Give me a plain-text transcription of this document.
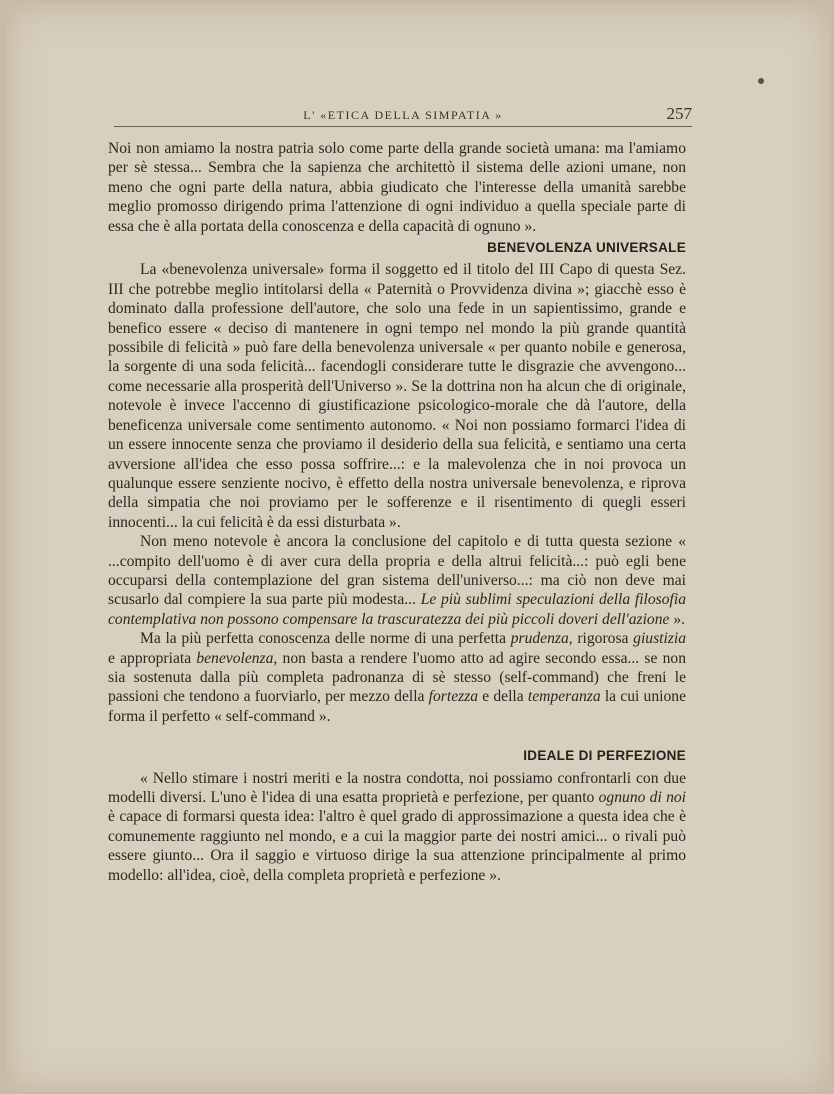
L' «ETICA DELLA SIMPATIA »	257

Noi non amiamo la nostra patria solo come parte della grande società umana: ma l'amiamo per sè stessa... Sembra che la sapienza che architettò il sistema delle azioni umane, non meno che ogni parte della natura, abbia giudicato che l'interesse della umanità sarebbe meglio promosso dirigendo prima l'attenzione di ogni individuo a quella speciale parte di essa che è alla portata della conoscenza e della capacità di ognuno ».

BENEVOLENZA UNIVERSALE

La «benevolenza universale» forma il soggetto ed il titolo del III Capo di questa Sez. III che potrebbe meglio intitolarsi della « Paternità o Provvidenza divina »; giacchè esso è dominato dalla professione dell'autore, che solo una fede in un sapientissimo, grande e benefico essere « deciso di mantenere in ogni tempo nel mondo la più grande quantità possibile di felicità » può fare della benevolenza universale « per quanto nobile e generosa, la sorgente di una soda felicità... facendogli considerare tutte le disgrazie che avvengono... come necessarie alla prosperità dell'Universo ». Se la dottrina non ha alcun che di originale, notevole è invece l'accenno di giustificazione psicologico-morale che dà l'autore, della beneficenza universale come sentimento autonomo. « Noi non possiamo formarci l'idea di un essere innocente senza che proviamo il desiderio della sua felicità, e sentiamo una certa avversione all'idea che esso possa soffrire...: e la malevolenza che in noi provoca un qualunque essere senziente nocivo, è effetto della nostra universale benevolenza, e riprova della simpatia che noi proviamo per le sofferenze e il risentimento di quegli esseri innocenti... la cui felicità è da essi disturbata ».

Non meno notevole è ancora la conclusione del capitolo e di tutta questa sezione « ...compito dell'uomo è di aver cura della propria e della altrui felicità...: può egli bene occuparsi della contemplazione del gran sistema dell'universo...: ma ciò non deve mai scusarlo dal compiere la sua parte più modesta... Le più sublimi speculazioni della filosofia contemplativa non possono compensare la trascuratezza dei più piccoli doveri dell'azione ».

Ma la più perfetta conoscenza delle norme di una perfetta prudenza, rigorosa giustizia e appropriata benevolenza, non basta a rendere l'uomo atto ad agire secondo essa... se non sia sostenuta dalla più completa padronanza di sè stesso (self-command) che freni le passioni che tendono a fuorviarlo, per mezzo della fortezza e della temperanza la cui unione forma il perfetto « self-command ».

IDEALE DI PERFEZIONE

« Nello stimare i nostri meriti e la nostra condotta, noi possiamo confrontarli con due modelli diversi. L'uno è l'idea di una esatta proprietà e perfezione, per quanto ognuno di noi è capace di formarsi questa idea: l'altro è quel grado di approssimazione a questa idea che è comunemente raggiunto nel mondo, e a cui la maggior parte dei nostri amici... o rivali può essere giunto... Ora il saggio e virtuoso dirige la sua attenzione principalmente al primo modello: all'idea, cioè, della completa proprietà e perfezione ».
